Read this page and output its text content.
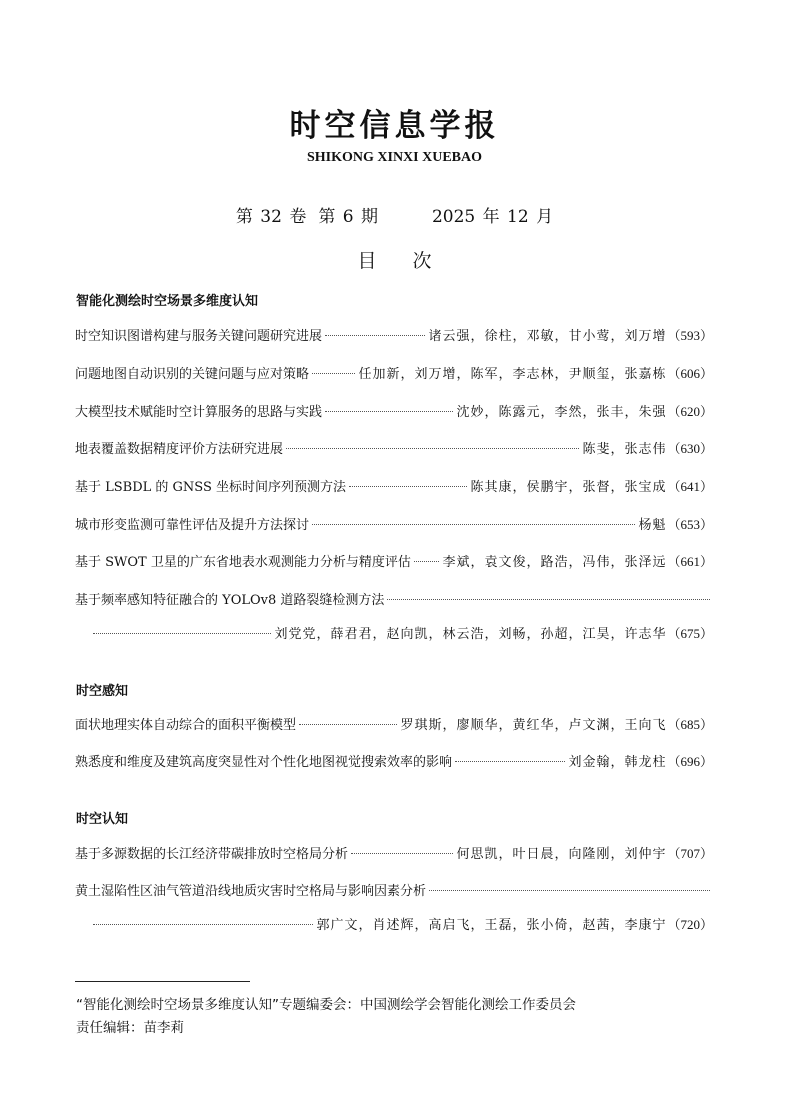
时空信息学报
SHIKONG XINXI XUEBAO
第 32 卷 第 6 期	2025 年 12 月
目次
智能化测绘时空场景多维度认知
时空知识图谱构建与服务关键问题研究进展	诸云强，徐柱，邓敏，甘小莺，刘万增 （593）
问题地图自动识别的关键问题与应对策略	任加新，刘万增，陈军，李志林，尹顺玺，张嘉栋 （606）
大模型技术赋能时空计算服务的思路与实践	沈妙，陈露元，李然，张丰，朱强 （620）
地表覆盖数据精度评价方法研究进展	陈斐，张志伟 （630）
基于 LSBDL 的 GNSS 坐标时间序列预测方法	陈其康，侯鹏宇，张督，张宝成 （641）
城市形变监测可靠性评估及提升方法探讨	杨魁 （653）
基于 SWOT 卫星的广东省地表水观测能力分析与精度评估 李斌，袁文俊，路浩，冯伟，张泽远 （661）
基于频率感知特征融合的 YOLOv8 道路裂缝检测方法
刘党党，薛君君，赵向凯，林云浩，刘畅，孙超，江昊，许志华 （675）
时空感知
面状地理实体自动综合的面积平衡模型	罗琪斯，廖顺华，黄红华，卢文渊，王向飞 （685）
熟悉度和维度及建筑高度突显性对个性化地图视觉搜索效率的影响	刘金翰，韩龙柱 （696）
时空认知
基于多源数据的长江经济带碳排放时空格局分析	何思凯，叶日晨，向隆刚，刘仲宇 （707）
黄土湿陷性区油气管道沿线地质灾害时空格局与影响因素分析
郭广文，肖述辉，高启飞，王磊，张小倚，赵茜，李康宁 （720）
“智能化测绘时空场景多维度认知”专题编委会：中国测绘学会智能化测绘工作委员会
责任编辑：苗李莉
